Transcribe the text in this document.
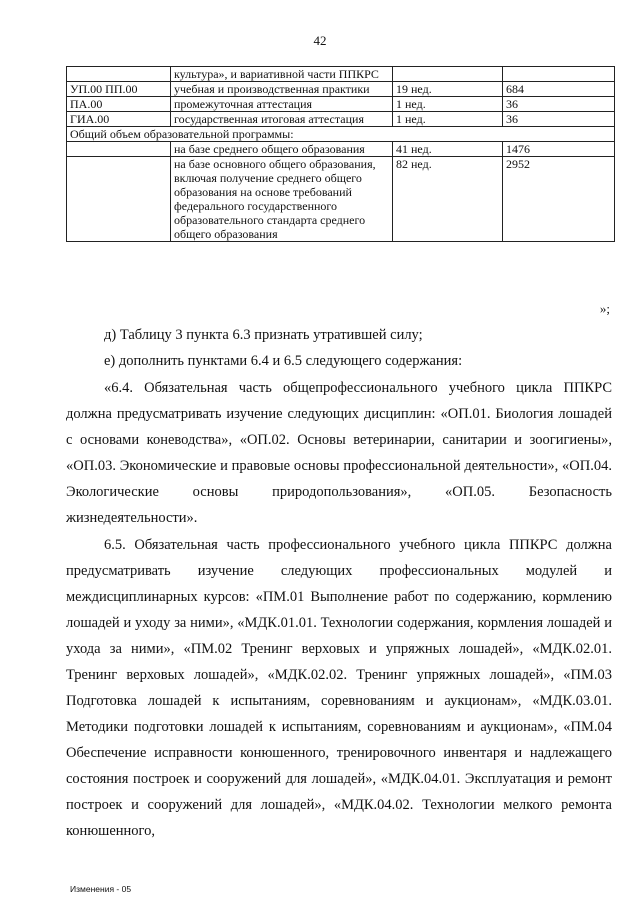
42
	культура», и вариативной части ППКРС		
УП.00 ПП.00	учебная и производственная практики	19 нед.	684
ПА.00	промежуточная аттестация	1 нед.	36
ГИА.00	государственная итоговая аттестация	1 нед.	36
Общий объем образовательной программы:			
	на базе среднего общего образования	41 нед.	1476
	на базе основного общего образования, включая получение среднего общего образования на основе требований федерального государственного образовательного стандарта среднего общего образования	82 нед.	2952
»;
д) Таблицу 3 пункта 6.3 признать утратившей силу;
е) дополнить пунктами 6.4 и 6.5 следующего содержания:
«6.4. Обязательная часть общепрофессионального учебного цикла ППКРС должна предусматривать изучение следующих дисциплин: «ОП.01. Биология лошадей с основами коневодства», «ОП.02. Основы ветеринарии, санитарии и зоогигиены», «ОП.03. Экономические и правовые основы профессиональной деятельности», «ОП.04. Экологические основы природопользования», «ОП.05. Безопасность жизнедеятельности».
6.5. Обязательная часть профессионального учебного цикла ППКРС должна предусматривать изучение следующих профессиональных модулей и междисциплинарных курсов: «ПМ.01 Выполнение работ по содержанию, кормлению лошадей и уходу за ними», «МДК.01.01. Технологии содержания, кормления лошадей и ухода за ними», «ПМ.02 Тренинг верховых и упряжных лошадей», «МДК.02.01. Тренинг верховых лошадей», «МДК.02.02. Тренинг упряжных лошадей», «ПМ.03 Подготовка лошадей к испытаниям, соревнованиям и аукционам», «МДК.03.01. Методики подготовки лошадей к испытаниям, соревнованиям и аукционам», «ПМ.04 Обеспечение исправности конюшенного, тренировочного инвентаря и надлежащего состояния построек и сооружений для лошадей», «МДК.04.01. Эксплуатация и ремонт построек и сооружений для лошадей», «МДК.04.02. Технологии мелкого ремонта конюшенного,
Изменения - 05
